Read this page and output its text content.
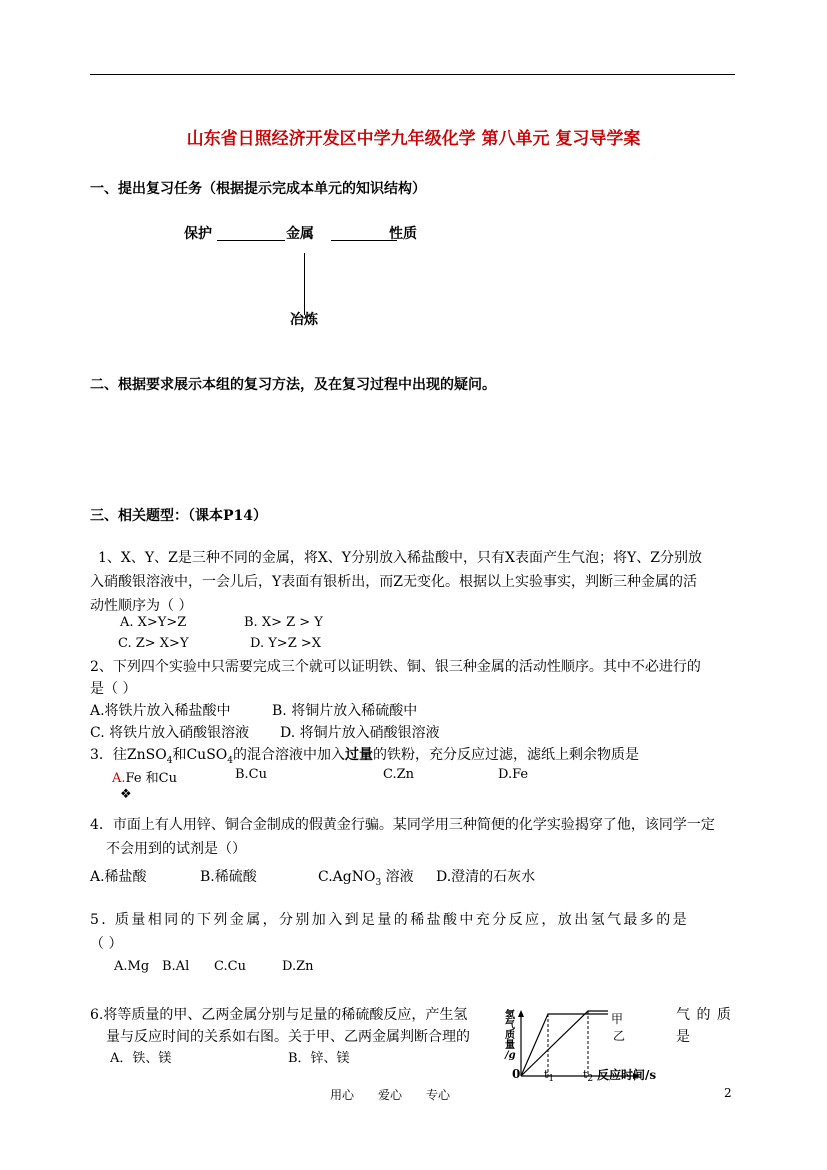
山东省日照经济开发区中学九年级化学 第八单元 复习导学案
一、提出复习任务（根据提示完成本单元的知识结构）
保护	金属	性质
冶炼
二、根据要求展示本组的复习方法，及在复习过程中出现的疑问。
三、相关题型：（课本P14）
1、X、Y、Z是三种不同的金属，将X、Y分别放入稀盐酸中，只有X表面产生气泡；将Y、Z分别放
入硝酸银溶液中，一会儿后，Y表面有银析出，而Z无变化。根据以上实验事实，判断三种金属的活
动性顺序为（ ）
A. X>Y>Z	B. X> Z > Y
C. Z> X>Y	D. Y>Z >X
2、下列四个实验中只需要完成三个就可以证明铁、铜、银三种金属的活动性顺序。其中不必进行的
是（ ）
A.将铁片放入稀盐酸中	B. 将铜片放入稀硫酸中
C. 将铁片放入硝酸银溶液 D. 将铜片放入硝酸银溶液
3．往ZnSO$_4$和CuSO$_4$的混合溶液中加入过量的铁粉，充分反应过滤，滤纸上剩余物质是
A.Fe 和Cu	B.Cu	C.Zn	D.Fe
❖
4．市面上有人用锌、铜合金制成的假黄金行骗。某同学用三种简便的化学实验揭穿了他，该同学一定
不会用到的试剂是（）
A.稀盐酸	B.稀硫酸	C.AgNO$_3$ 溶液 D.澄清的石灰水
5. 质量相同的下列金属，分别加入到足量的稀盐酸中充分反应，放出氢气最多的是
（ ）
A.Mg B.Al C.Cu	D.Zn
6.将等质量的甲、乙两金属分别与足量的稀硫酸反应，产生氢	气 的 质
量与反应时间的关系如右图。关于甲、乙两金属判断合理的	是
A．铁、镁	B．锌、镁
氢
气
质
量
/g
甲
乙
0 $t_1$	$t_2$ 反应时间/s
用心　　爱心　　专心	2
